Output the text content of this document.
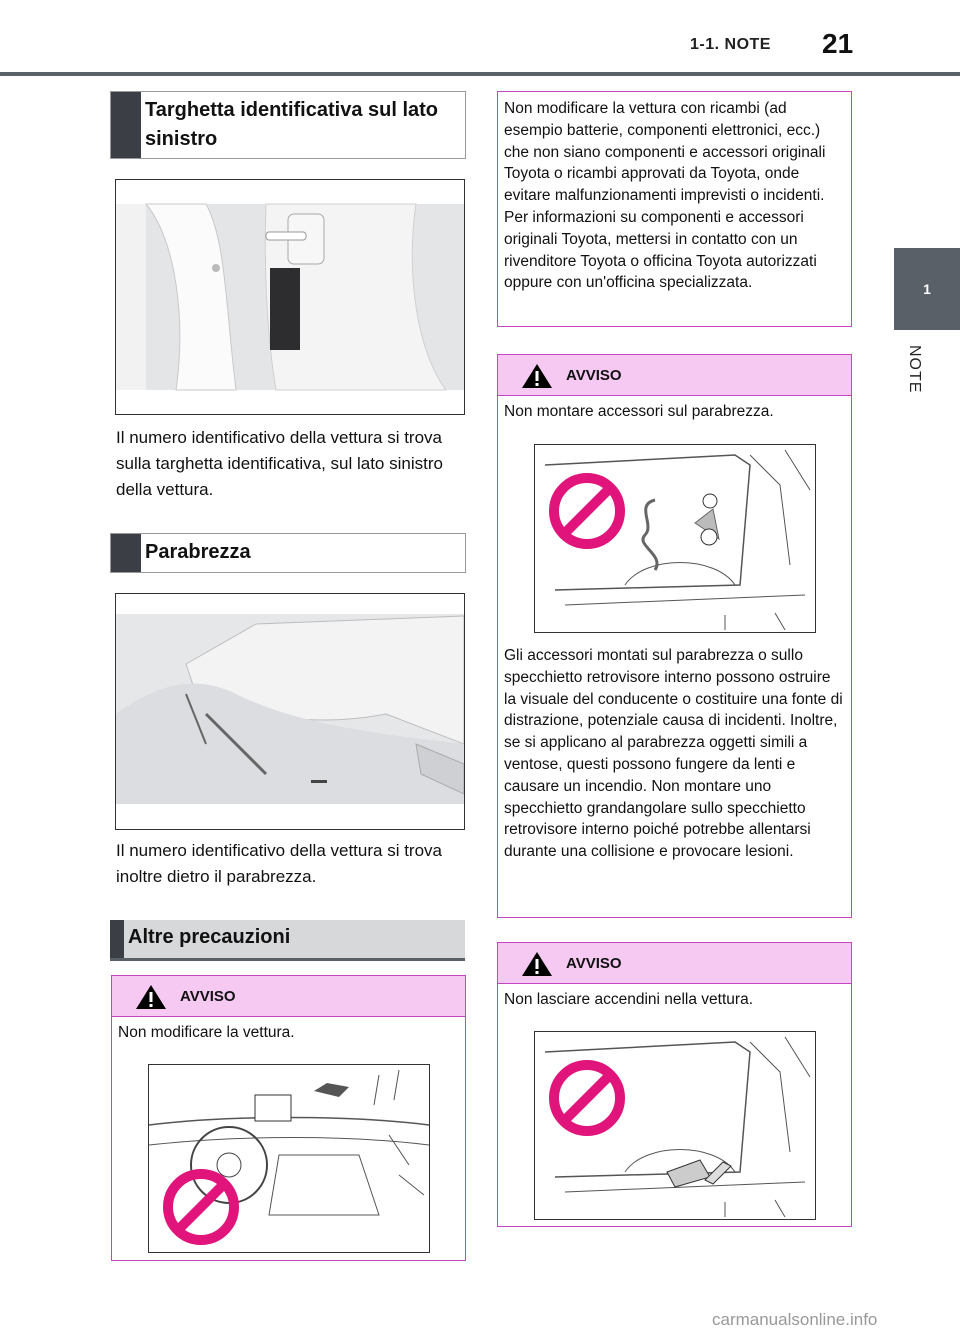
1-1. NOTE 21
1
NOTE
Targhetta identificativa sul lato sinistro
Il numero identificativo della vettura si trova sulla targhetta identificativa, sul lato sinistro della vettura.
Parabrezza
Il numero identificativo della vettura si trova inoltre dietro il parabrezza.
Altre precauzioni
AVVISO
Non modificare la vettura.
Non modificare la vettura con ricambi (ad esempio batterie, componenti elettronici, ecc.) che non siano componenti e accessori originali Toyota o ricambi approvati da Toyota, onde evitare malfunzionamenti imprevisti o incidenti. Per informazioni su componenti e accessori originali Toyota, mettersi in contatto con un rivenditore Toyota o officina Toyota autorizzati oppure con un'officina specializzata.
AVVISO
Non montare accessori sul parabrezza.
Gli accessori montati sul parabrezza o sullo specchietto retrovisore interno possono ostruire la visuale del conducente o costituire una fonte di distrazione, potenziale causa di incidenti. Inoltre, se si applicano al parabrezza oggetti simili a ventose, questi possono fungere da lenti e causare un incendio. Non montare uno specchietto grandangolare sullo specchietto retrovisore interno poiché potrebbe allentarsi durante una collisione e provocare lesioni.
AVVISO
Non lasciare accendini nella vettura.
carmanualsonline.info
